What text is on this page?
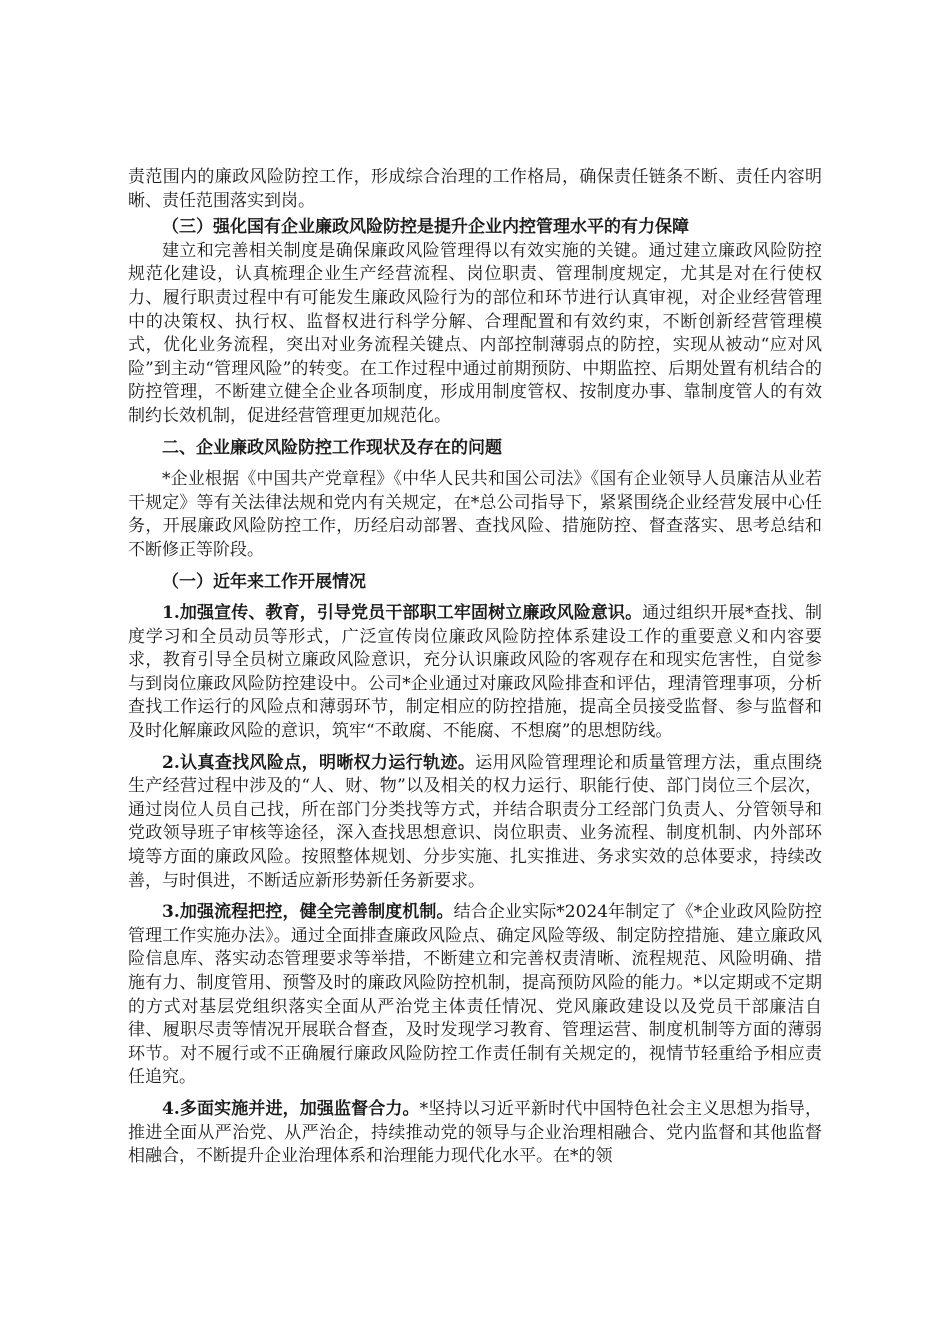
责范围内的廉政风险防控工作，形成综合治理的工作格局，确保责任链条不断、责任内容明晰、责任范围落实到岗。

（三）强化国有企业廉政风险防控是提升企业内控管理水平的有力保障

建立和完善相关制度是确保廉政风险管理得以有效实施的关键。通过建立廉政风险防控规范化建设，认真梳理企业生产经营流程、岗位职责、管理制度规定，尤其是对在行使权力、履行职责过程中有可能发生廉政风险行为的部位和环节进行认真审视，对企业经营管理中的决策权、执行权、监督权进行科学分解、合理配置和有效约束，不断创新经营管理模式，优化业务流程，突出对业务流程关键点、内部控制薄弱点的防控，实现从被动“应对风险”到主动“管理风险”的转变。在工作过程中通过前期预防、中期监控、后期处置有机结合的防控管理，不断建立健全企业各项制度，形成用制度管权、按制度办事、靠制度管人的有效制约长效机制，促进经营管理更加规范化。

二、企业廉政风险防控工作现状及存在的问题

*企业根据《中国共产党章程》《中华人民共和国公司法》《国有企业领导人员廉洁从业若干规定》等有关法律法规和党内有关规定，在*总公司指导下，紧紧围绕企业经营发展中心任务，开展廉政风险防控工作，历经启动部署、查找风险、措施防控、督查落实、思考总结和不断修正等阶段。

（一）近年来工作开展情况

1.加强宣传、教育，引导党员干部职工牢固树立廉政风险意识。通过组织开展*查找、制度学习和全员动员等形式，广泛宣传岗位廉政风险防控体系建设工作的重要意义和内容要求，教育引导全员树立廉政风险意识，充分认识廉政风险的客观存在和现实危害性，自觉参与到岗位廉政风险防控建设中。公司*企业通过对廉政风险排查和评估，理清管理事项，分析查找工作运行的风险点和薄弱环节，制定相应的防控措施，提高全员接受监督、参与监督和及时化解廉政风险的意识，筑牢“不敢腐、不能腐、不想腐”的思想防线。

2.认真查找风险点，明晰权力运行轨迹。运用风险管理理论和质量管理方法，重点围绕生产经营过程中涉及的“人、财、物”以及相关的权力运行、职能行使、部门岗位三个层次，通过岗位人员自己找，所在部门分类找等方式，并结合职责分工经部门负责人、分管领导和党政领导班子审核等途径，深入查找思想意识、岗位职责、业务流程、制度机制、内外部环境等方面的廉政风险。按照整体规划、分步实施、扎实推进、务求实效的总体要求，持续改善，与时俱进，不断适应新形势新任务新要求。

3.加强流程把控，健全完善制度机制。结合企业实际*2024年制定了《*企业政风险防控管理工作实施办法》。通过全面排查廉政风险点、确定风险等级、制定防控措施、建立廉政风险信息库、落实动态管理要求等举措，不断建立和完善权责清晰、流程规范、风险明确、措施有力、制度管用、预警及时的廉政风险防控机制，提高预防风险的能力。*以定期或不定期的方式对基层党组织落实全面从严治党主体责任情况、党风廉政建设以及党员干部廉洁自律、履职尽责等情况开展联合督查，及时发现学习教育、管理运营、制度机制等方面的薄弱环节。对不履行或不正确履行廉政风险防控工作责任制有关规定的，视情节轻重给予相应责任追究。

4.多面实施并进，加强监督合力。*坚持以习近平新时代中国特色社会主义思想为指导，推进全面从严治党、从严治企，持续推动党的领导与企业治理相融合、党内监督和其他监督相融合，不断提升企业治理体系和治理能力现代化水平。在*的领
